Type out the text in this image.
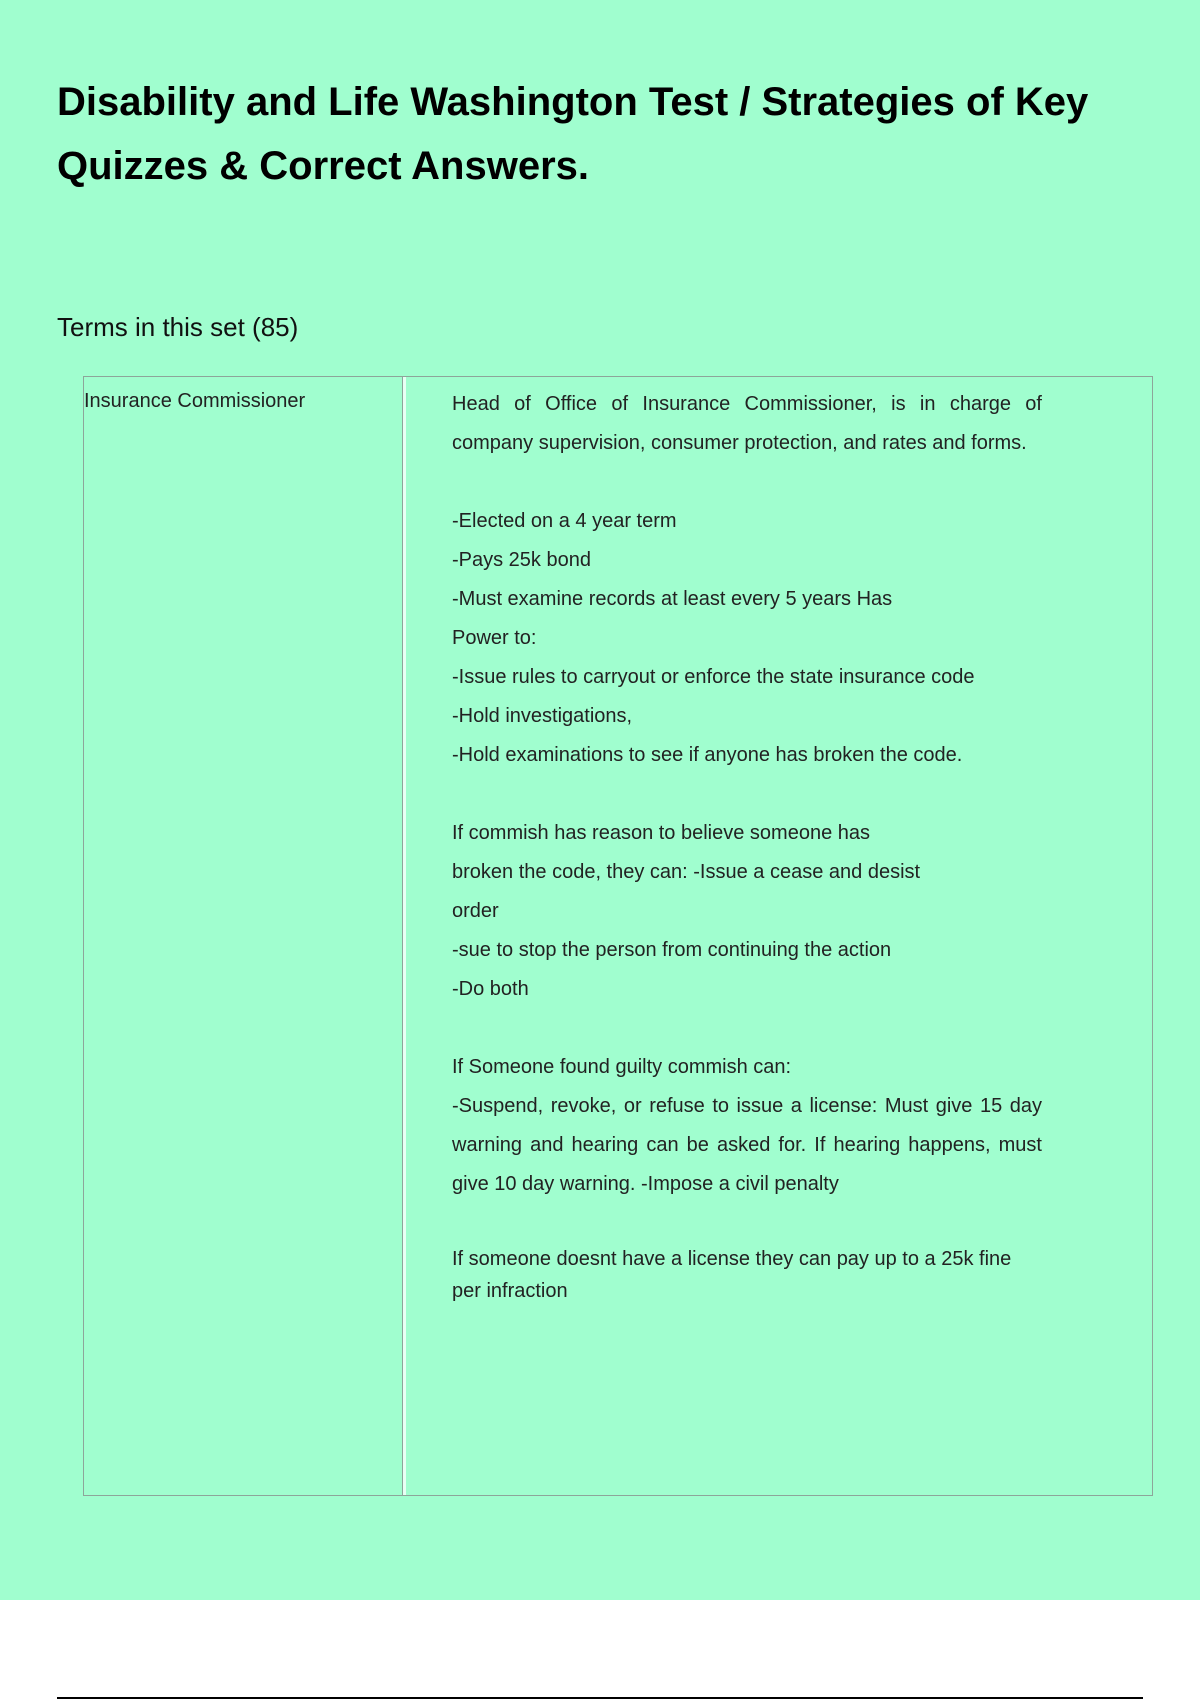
Disability and Life Washington Test / Strategies of Key Quizzes & Correct Answers.

Terms in this set (85)

Insurance Commissioner	Head of Office of Insurance Commissioner, is in charge of company supervision, consumer protection, and rates and forms.

-Elected on a 4 year term

-Pays 25k bond

-Must examine records at least every 5 years Has

Power to:

-Issue rules to carryout or enforce the state insurance code

-Hold investigations,

-Hold examinations to see if anyone has broken the code.

If commish has reason to believe someone has

broken the code, they can: -Issue a cease and desist

order

-sue to stop the person from continuing the action

-Do both

If Someone found guilty commish can:

-Suspend, revoke, or refuse to issue a license: Must give 15 day warning and hearing can be asked for. If hearing happens, must give 10 day warning. -Impose a civil penalty

If someone doesnt have a license they can pay up to a 25k fine per infraction
